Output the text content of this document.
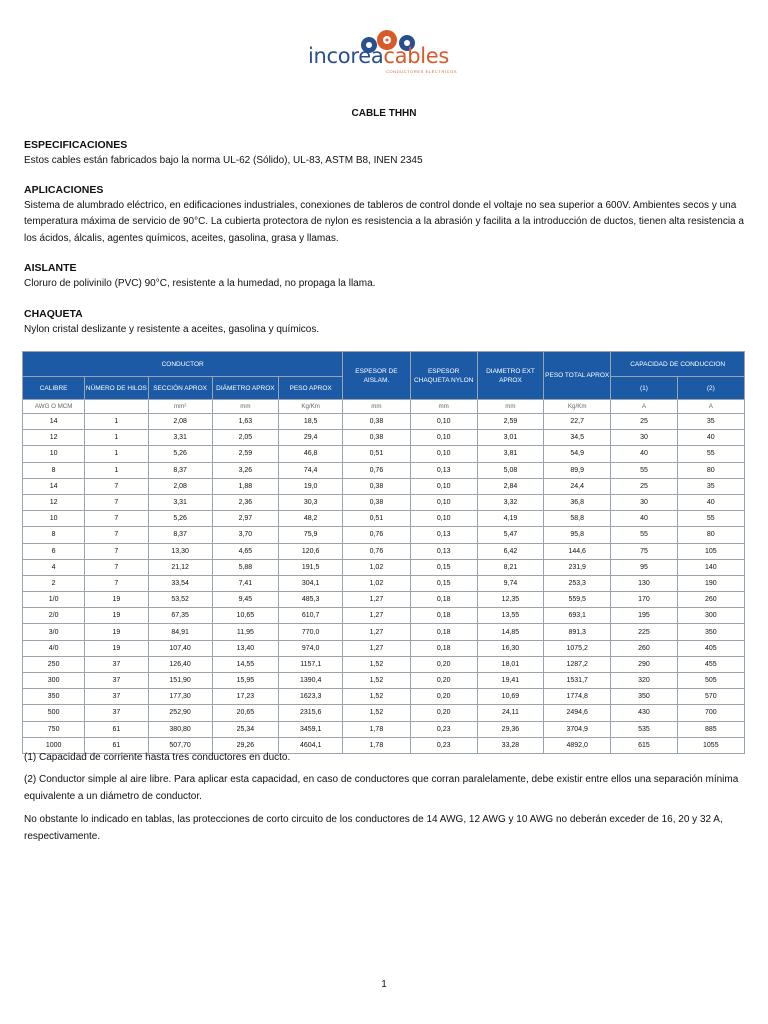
incoreacables
CONDUCTORES ELÉCTRICOS
CABLE THHN
ESPECIFICACIONES
Estos cables están fabricados bajo la norma UL-62 (Sólido), UL-83, ASTM B8, INEN 2345
APLICACIONES
Sistema de alumbrado eléctrico, en edificaciones industriales, conexiones de tableros de control donde el voltaje no sea superior a 600V. Ambientes secos y una temperatura máxima de servicio de 90°C. La cubierta protectora de nylon es resistencia a la abrasión y facilita a la introducción de ductos, tienen alta resistencia a los ácidos, álcalis, agentes químicos, aceites, gasolina, grasa y llamas.
AISLANTE
Cloruro de polivinilo (PVC) 90°C, resistente a la humedad, no propaga la llama.
CHAQUETA
Nylon cristal deslizante y resistente a aceites, gasolina y químicos.
CONDUCTOR					ESPESOR DE AISLAM.	ESPESOR CHAQUETA NYLON	DIAMETRO EXT APROX	PESO TOTAL APROX	CAPACIDAD DE CONDUCCION	
CALIBRE	NÚMERO DE HILOS	SECCIÓN APROX	DIÁMETRO APROX	PESO APROX					(1)	(2)
AWG O MCM		mm²	mm	Kg/Km	mm	mm	mm	Kg/Km	A	A
14	1	2,08	1,63	18,5	0,38	0,10	2,59	22,7	25	35
12	1	3,31	2,05	29,4	0,38	0,10	3,01	34,5	30	40
10	1	5,26	2,59	46,8	0,51	0,10	3,81	54,9	40	55
8	1	8,37	3,26	74,4	0,76	0,13	5,08	89,9	55	80
14	7	2,08	1,88	19,0	0,38	0,10	2,84	24,4	25	35
12	7	3,31	2,36	30,3	0,38	0,10	3,32	36,8	30	40
10	7	5,26	2,97	48,2	0,51	0,10	4,19	58,8	40	55
8	7	8,37	3,70	75,9	0,76	0,13	5,47	95,8	55	80
6	7	13,30	4,65	120,6	0,76	0,13	6,42	144,6	75	105
4	7	21,12	5,88	191,5	1,02	0,15	8,21	231,9	95	140
2	7	33,54	7,41	304,1	1,02	0,15	9,74	253,3	130	190
1/0	19	53,52	9,45	485,3	1,27	0,18	12,35	559,5	170	260
2/0	19	67,35	10,65	610,7	1,27	0,18	13,55	693,1	195	300
3/0	19	84,91	11,95	770,0	1,27	0,18	14,85	891,3	225	350
4/0	19	107,40	13,40	974,0	1,27	0,18	16,30	1075,2	260	405
250	37	126,40	14,55	1157,1	1,52	0,20	18,01	1287,2	290	455
300	37	151,90	15,95	1390,4	1,52	0,20	19,41	1531,7	320	505
350	37	177,30	17,23	1623,3	1,52	0,20	10,69	1774,8	350	570
500	37	252,90	20,65	2315,6	1,52	0,20	24,11	2494,6	430	700
750	61	380,80	25,34	3459,1	1,78	0,23	29,36	3704,9	535	885
1000	61	507,70	29,26	4604,1	1,78	0,23	33,28	4892,0	615	1055
(1) Capacidad de corriente hasta tres conductores en ducto.
(2) Conductor simple al aire libre. Para aplicar esta capacidad, en caso de conductores que corran paralelamente, debe existir entre ellos una separación mínima equivalente a un diámetro de conductor.
No obstante lo indicado en tablas, las protecciones de corto circuito de los conductores de 14 AWG, 12 AWG y 10 AWG no deberán exceder de 16, 20 y 32 A, respectivamente.
1
